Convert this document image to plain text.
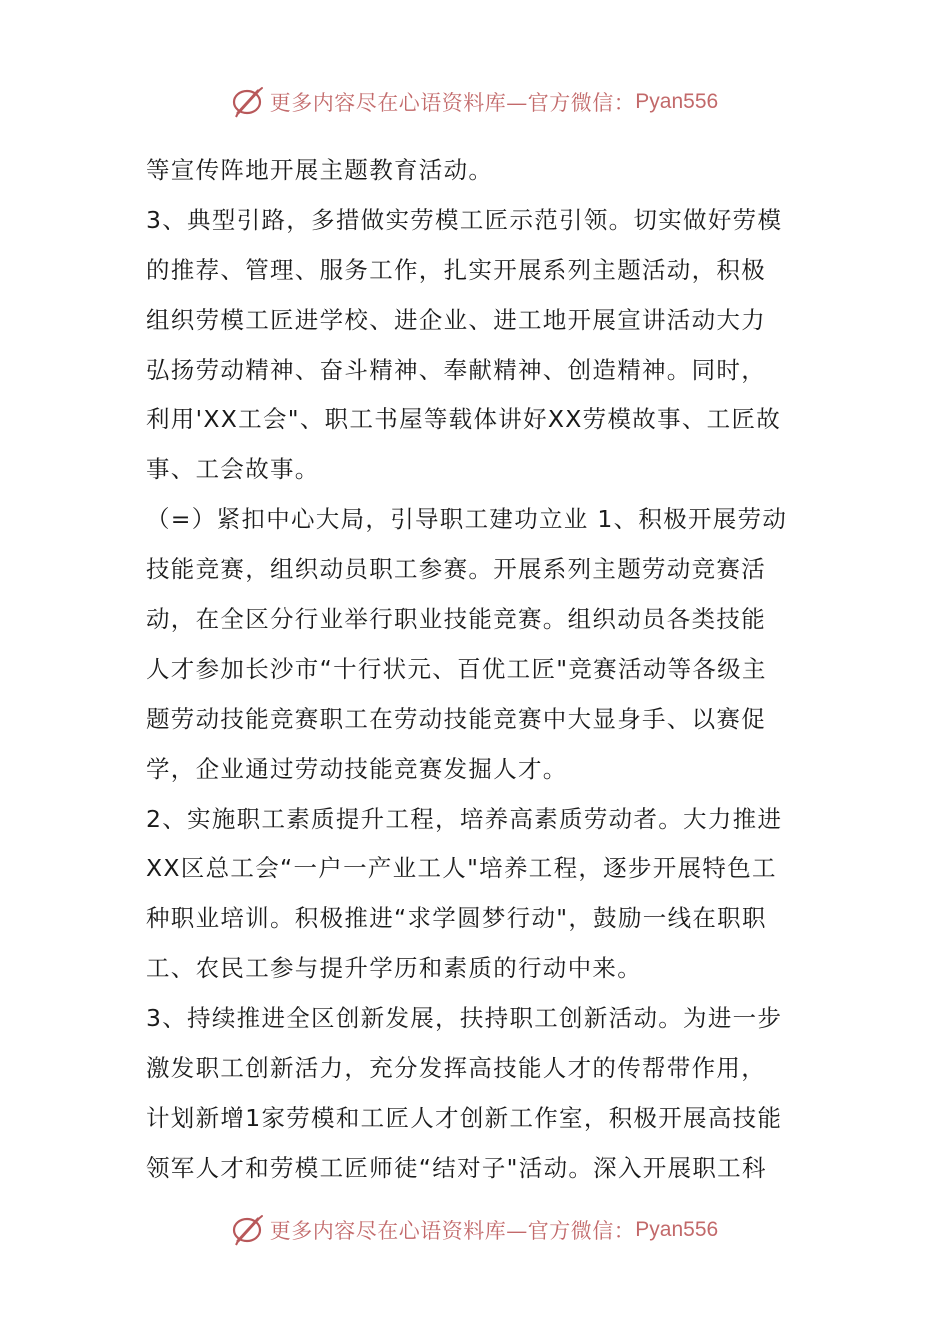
更多内容尽在心语资料库—官方微信： Pyan556
等宣传阵地开展主题教育活动。
3、典型引路，多措做实劳模工匠示范引领。切实做好劳模
的推荐、管理、服务工作，扎实开展系列主题活动，积极
组织劳模工匠进学校、进企业、进工地开展宣讲活动大力
弘扬劳动精神、奋斗精神、奉献精神、创造精神。同时，
利用'XX工会"、职工书屋等载体讲好XX劳模故事、工匠故
事、工会故事。
（=）紧扣中心大局，引导职工建功立业 1、积极开展劳动
技能竞赛，组织动员职工参赛。开展系列主题劳动竞赛活
动，在全区分行业举行职业技能竞赛。组织动员各类技能
人才参加长沙市“十行状元、百优工匠"竞赛活动等各级主
题劳动技能竞赛职工在劳动技能竞赛中大显身手、以赛促
学，企业通过劳动技能竞赛发掘人才。
2、实施职工素质提升工程，培养高素质劳动者。大力推进
XX区总工会“一户一产业工人"培养工程，逐步开展特色工
种职业培训。积极推进“求学圆梦行动"，鼓励一线在职职
工、农民工参与提升学历和素质的行动中来。
3、持续推进全区创新发展，扶持职工创新活动。为进一步
激发职工创新活力，充分发挥高技能人才的传帮带作用，
计划新增1家劳模和工匠人才创新工作室，积极开展高技能
领军人才和劳模工匠师徒“结对子"活动。深入开展职工科
更多内容尽在心语资料库—官方微信： Pyan556
